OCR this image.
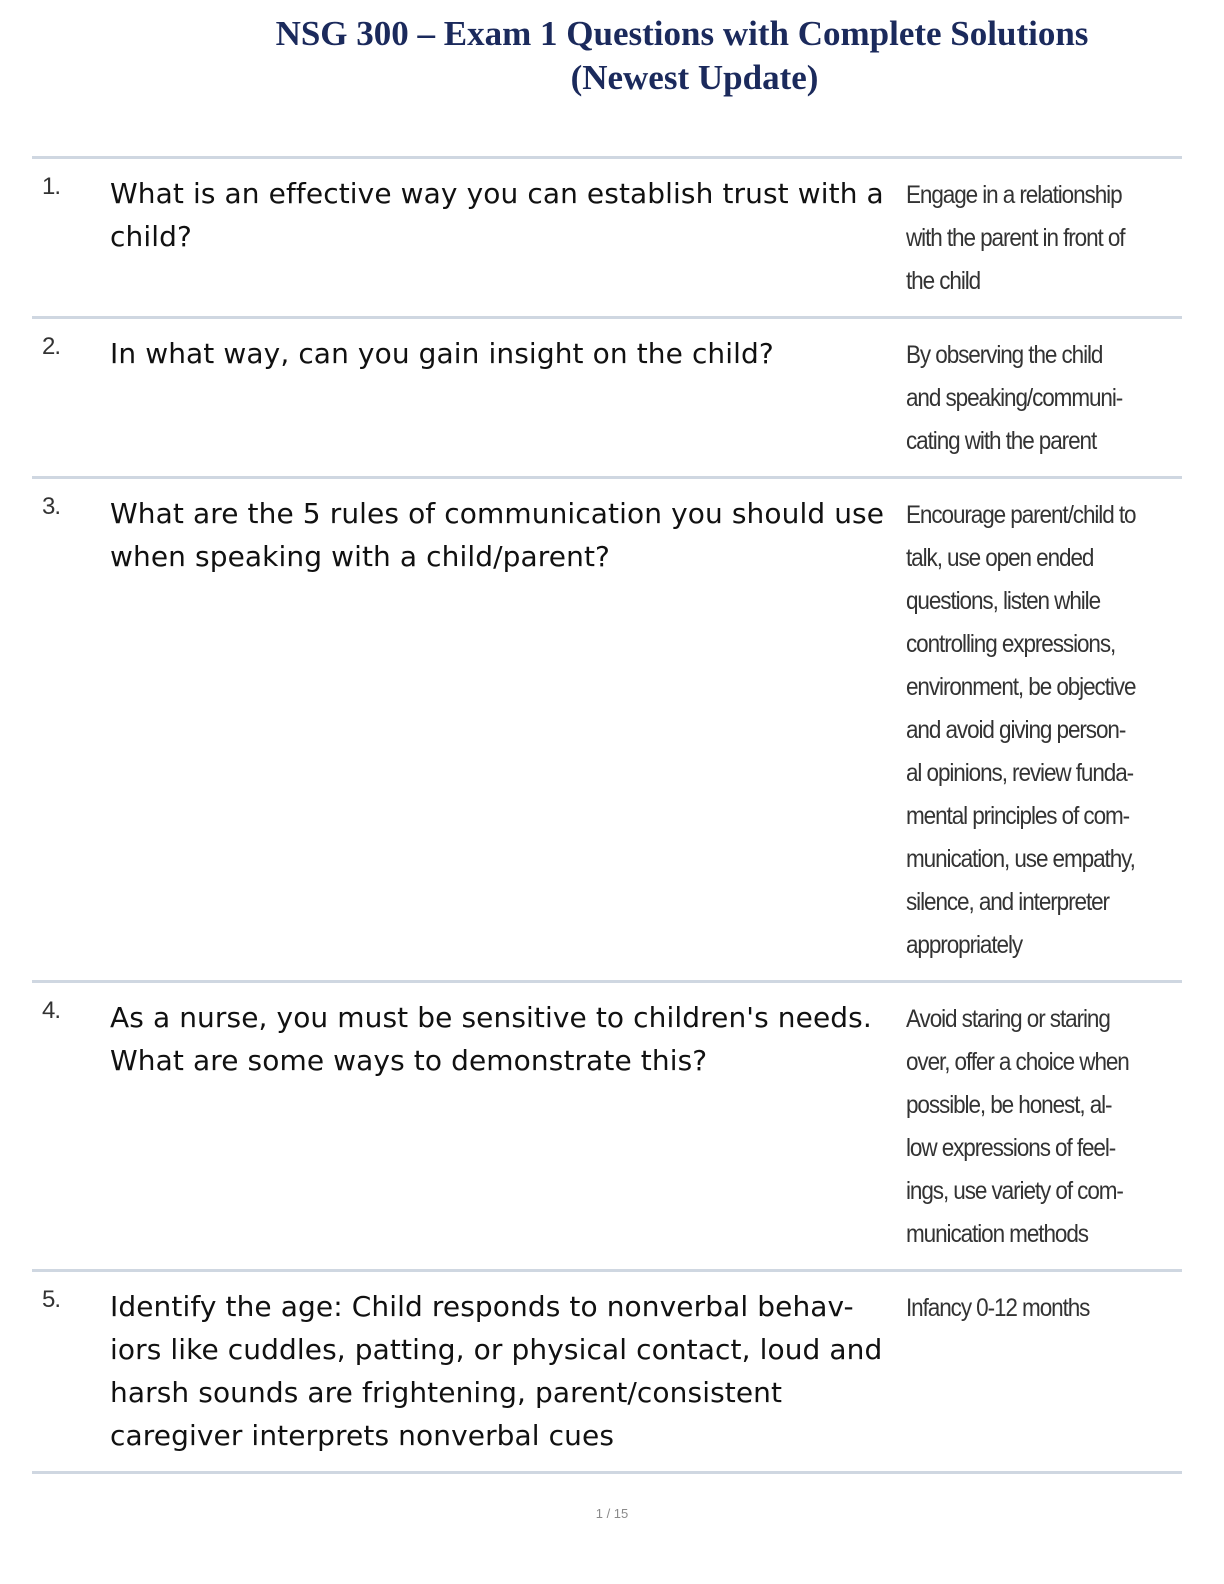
NSG 300 – Exam 1 Questions with Complete Solutions
(Newest Update)
1. What is an effective way you can establish trust with a child?
Engage in a relationship
with the parent in front of
the child
2. In what way, can you gain insight on the child?	By observing the child
and speaking/communi-
cating with the parent
3. What are the 5 rules of communication you should use when speaking with a child/parent?
Encourage parent/child to
talk, use open ended
questions, listen while
controlling expressions,
environment, be objective
and avoid giving person-
al opinions, review funda-
mental principles of com-
munication, use empathy,
silence, and interpreter
appropriately
4. As a nurse, you must be sensitive to children's needs. What are some ways to demonstrate this?
Avoid staring or staring
over, offer a choice when
possible, be honest, al-
low expressions of feel-
ings, use variety of com-
munication methods
5. Identify the age: Child responds to nonverbal behav-iors like cuddles, patting, or physical contact, loud and harsh sounds are frightening, parent/consistent caregiver interprets nonverbal cues
Infancy 0-12 months
1 / 15
